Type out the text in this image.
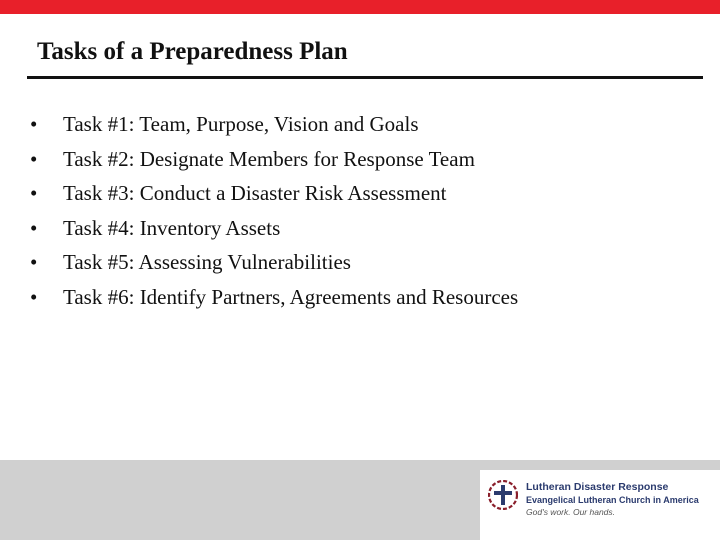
Tasks of a Preparedness Plan
• Task #1: Team, Purpose, Vision and Goals
• Task #2: Designate Members for Response Team
• Task #3: Conduct a Disaster Risk Assessment
• Task #4: Inventory Assets
• Task #5: Assessing Vulnerabilities
• Task #6: Identify Partners, Agreements and Resources
Lutheran Disaster Response
Evangelical Lutheran Church in America
God's work. Our hands.
